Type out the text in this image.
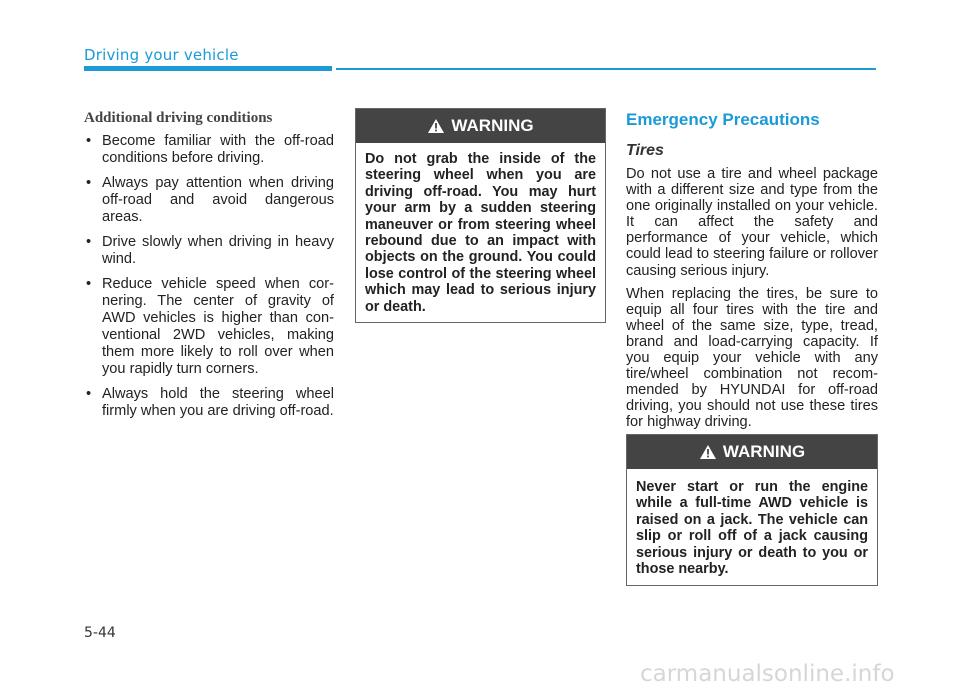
Driving your vehicle
Additional driving conditions
• Become familiar with the off-road conditions before driving.
• Always pay attention when driving off-road and avoid dangerous areas.
• Drive slowly when driving in heavy wind.
• Reduce vehicle speed when cor-nering. The center of gravity of AWD vehicles is higher than con-ventional 2WD vehicles, making them more likely to roll over when you rapidly turn corners.
• Always hold the steering wheel firmly when you are driving off-road.
WARNING
Do not grab the inside of the steering wheel when you are driving off-road. You may hurt your arm by a sudden steering maneuver or from steering wheel rebound due to an impact with objects on the ground. You could lose control of the steering wheel which may lead to serious injury or death.
Emergency Precautions
Tires

Do not use a tire and wheel package with a different size and type from the one originally installed on your vehicle. It can affect the safety and performance of your vehicle, which could lead to steering failure or rollover causing serious injury.

When replacing the tires, be sure to equip all four tires with the tire and wheel of the same size, type, tread, brand and load-carrying capacity. If you equip your vehicle with any tire/wheel combination not recom-mended by HYUNDAI for off-road driving, you should not use these tires for highway driving.

WARNING
Never start or run the engine while a full-time AWD vehicle is raised on a jack. The vehicle can slip or roll off of a jack causing serious injury or death to you or those nearby.
5-44
carmanualsonline.info
